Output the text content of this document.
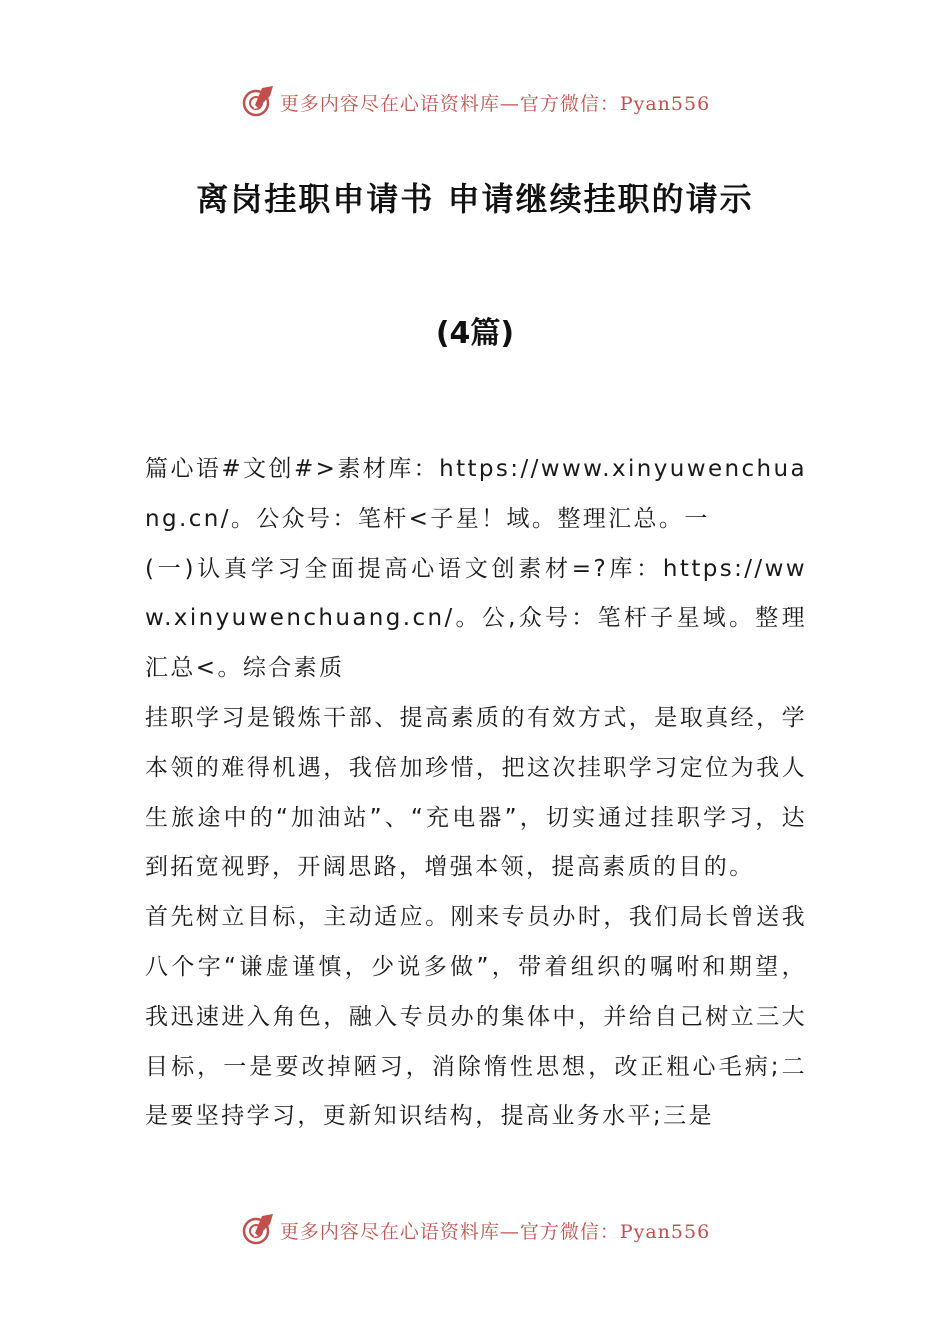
更多内容尽在心语资料库—官方微信：Pyan556
离岗挂职申请书 申请继续挂职的请示
(4篇)

篇心语#文创#>素材库：https://www.xinyuwenchuang.cn/。公众号：笔杆<子星！域。整理汇总。一

(一)认真学习全面提高心语文创素材=?库：https://www.xinyuwenchuang.cn/。公,众号：笔杆子星域。整理汇总<。综合素质

挂职学习是锻炼干部、提高素质的有效方式，是取真经，学本领的难得机遇，我倍加珍惜，把这次挂职学习定位为我人生旅途中的“加油站”、“充电器”，切实通过挂职学习，达到拓宽视野，开阔思路，增强本领，提高素质的目的。

首先树立目标，主动适应。刚来专员办时，我们局长曾送我八个字“谦虚谨慎，少说多做”，带着组织的嘱咐和期望，我迅速进入角色，融入专员办的集体中，并给自己树立三大目标，一是要改掉陋习，消除惰性思想，改正粗心毛病;二是要坚持学习，更新知识结构，提高业务水平;三是

更多内容尽在心语资料库—官方微信：Pyan556
